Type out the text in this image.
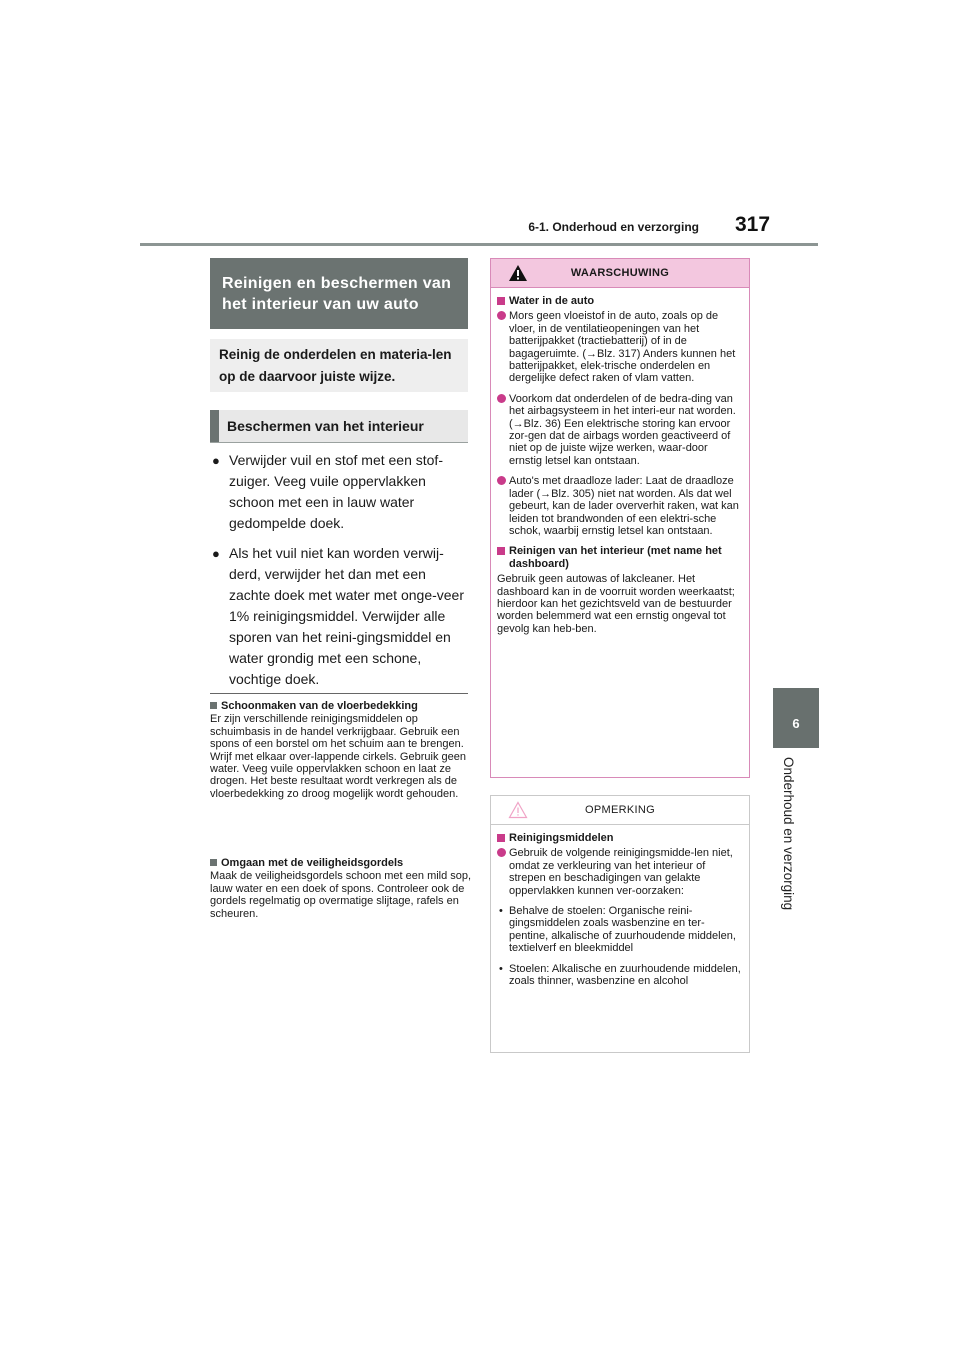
6-1. Onderhoud en verzorging 317

6
Onderhoud en verzorging
Reinigen en beschermen van het interieur van uw auto
Reinig de onderdelen en materia-len op de daarvoor juiste wijze.
Beschermen van het interieur
● Verwijder vuil en stof met een stof-zuiger. Veeg vuile oppervlakken schoon met een in lauw water gedompelde doek.
● Als het vuil niet kan worden verwij-derd, verwijder het dan met een zachte doek met water met onge-veer 1% reinigingsmiddel. Verwijder alle sporen van het reini-gingsmiddel en water grondig met een schone, vochtige doek.
Schoonmaken van de vloerbedekking
Er zijn verschillende reinigingsmiddelen op schuimbasis in de handel verkrijgbaar. Gebruik een spons of een borstel om het schuim aan te brengen. Wrijf met elkaar over-lappende cirkels. Gebruik geen water. Veeg vuile oppervlakken schoon en laat ze drogen. Het beste resultaat wordt verkregen als de vloerbedekking zo droog mogelijk wordt gehouden.
Omgaan met de veiligheidsgordels
Maak de veiligheidsgordels schoon met een mild sop, lauw water en een doek of spons. Controleer ook de gordels regelmatig op overmatige slijtage, rafels en scheuren.
WAARSCHUWING
Water in de auto
Mors geen vloeistof in de auto, zoals op de vloer, in de ventilatieopeningen van het batterijpakket (tractiebatterij) of in de bagageruimte. (→Blz. 317) Anders kunnen het batterijpakket, elek-trische onderdelen en dergelijke defect raken of vlam vatten.
Voorkom dat onderdelen of de bedra-ding van het airbagsysteem in het interi-eur nat worden. (→Blz. 36) Een elektrische storing kan ervoor zor-gen dat de airbags worden geactiveerd of niet op de juiste wijze werken, waar-door ernstig letsel kan ontstaan.
Auto's met draadloze lader: Laat de draadloze lader (→Blz. 305) niet nat worden. Als dat wel gebeurt, kan de lader oververhit raken, wat kan leiden tot brandwonden of een elektri-sche schok, waarbij ernstig letsel kan ontstaan.
Reinigen van het interieur (met name het dashboard)
Gebruik geen autowas of lakcleaner. Het dashboard kan in de voorruit worden weerkaatst; hierdoor kan het gezichtsveld van de bestuurder worden belemmerd wat een ernstig ongeval tot gevolg kan heb-ben.
OPMERKING
Reinigingsmiddelen
Gebruik de volgende reinigingsmidde-len niet, omdat ze verkleuring van het interieur of strepen en beschadigingen van gelakte oppervlakken kunnen ver-oorzaken:
• Behalve de stoelen: Organische reini-gingsmiddelen zoals wasbenzine en ter-pentine, alkalische of zuurhoudende middelen, textielverf en bleekmiddel
• Stoelen: Alkalische en zuurhoudende middelen, zoals thinner, wasbenzine en alcohol
